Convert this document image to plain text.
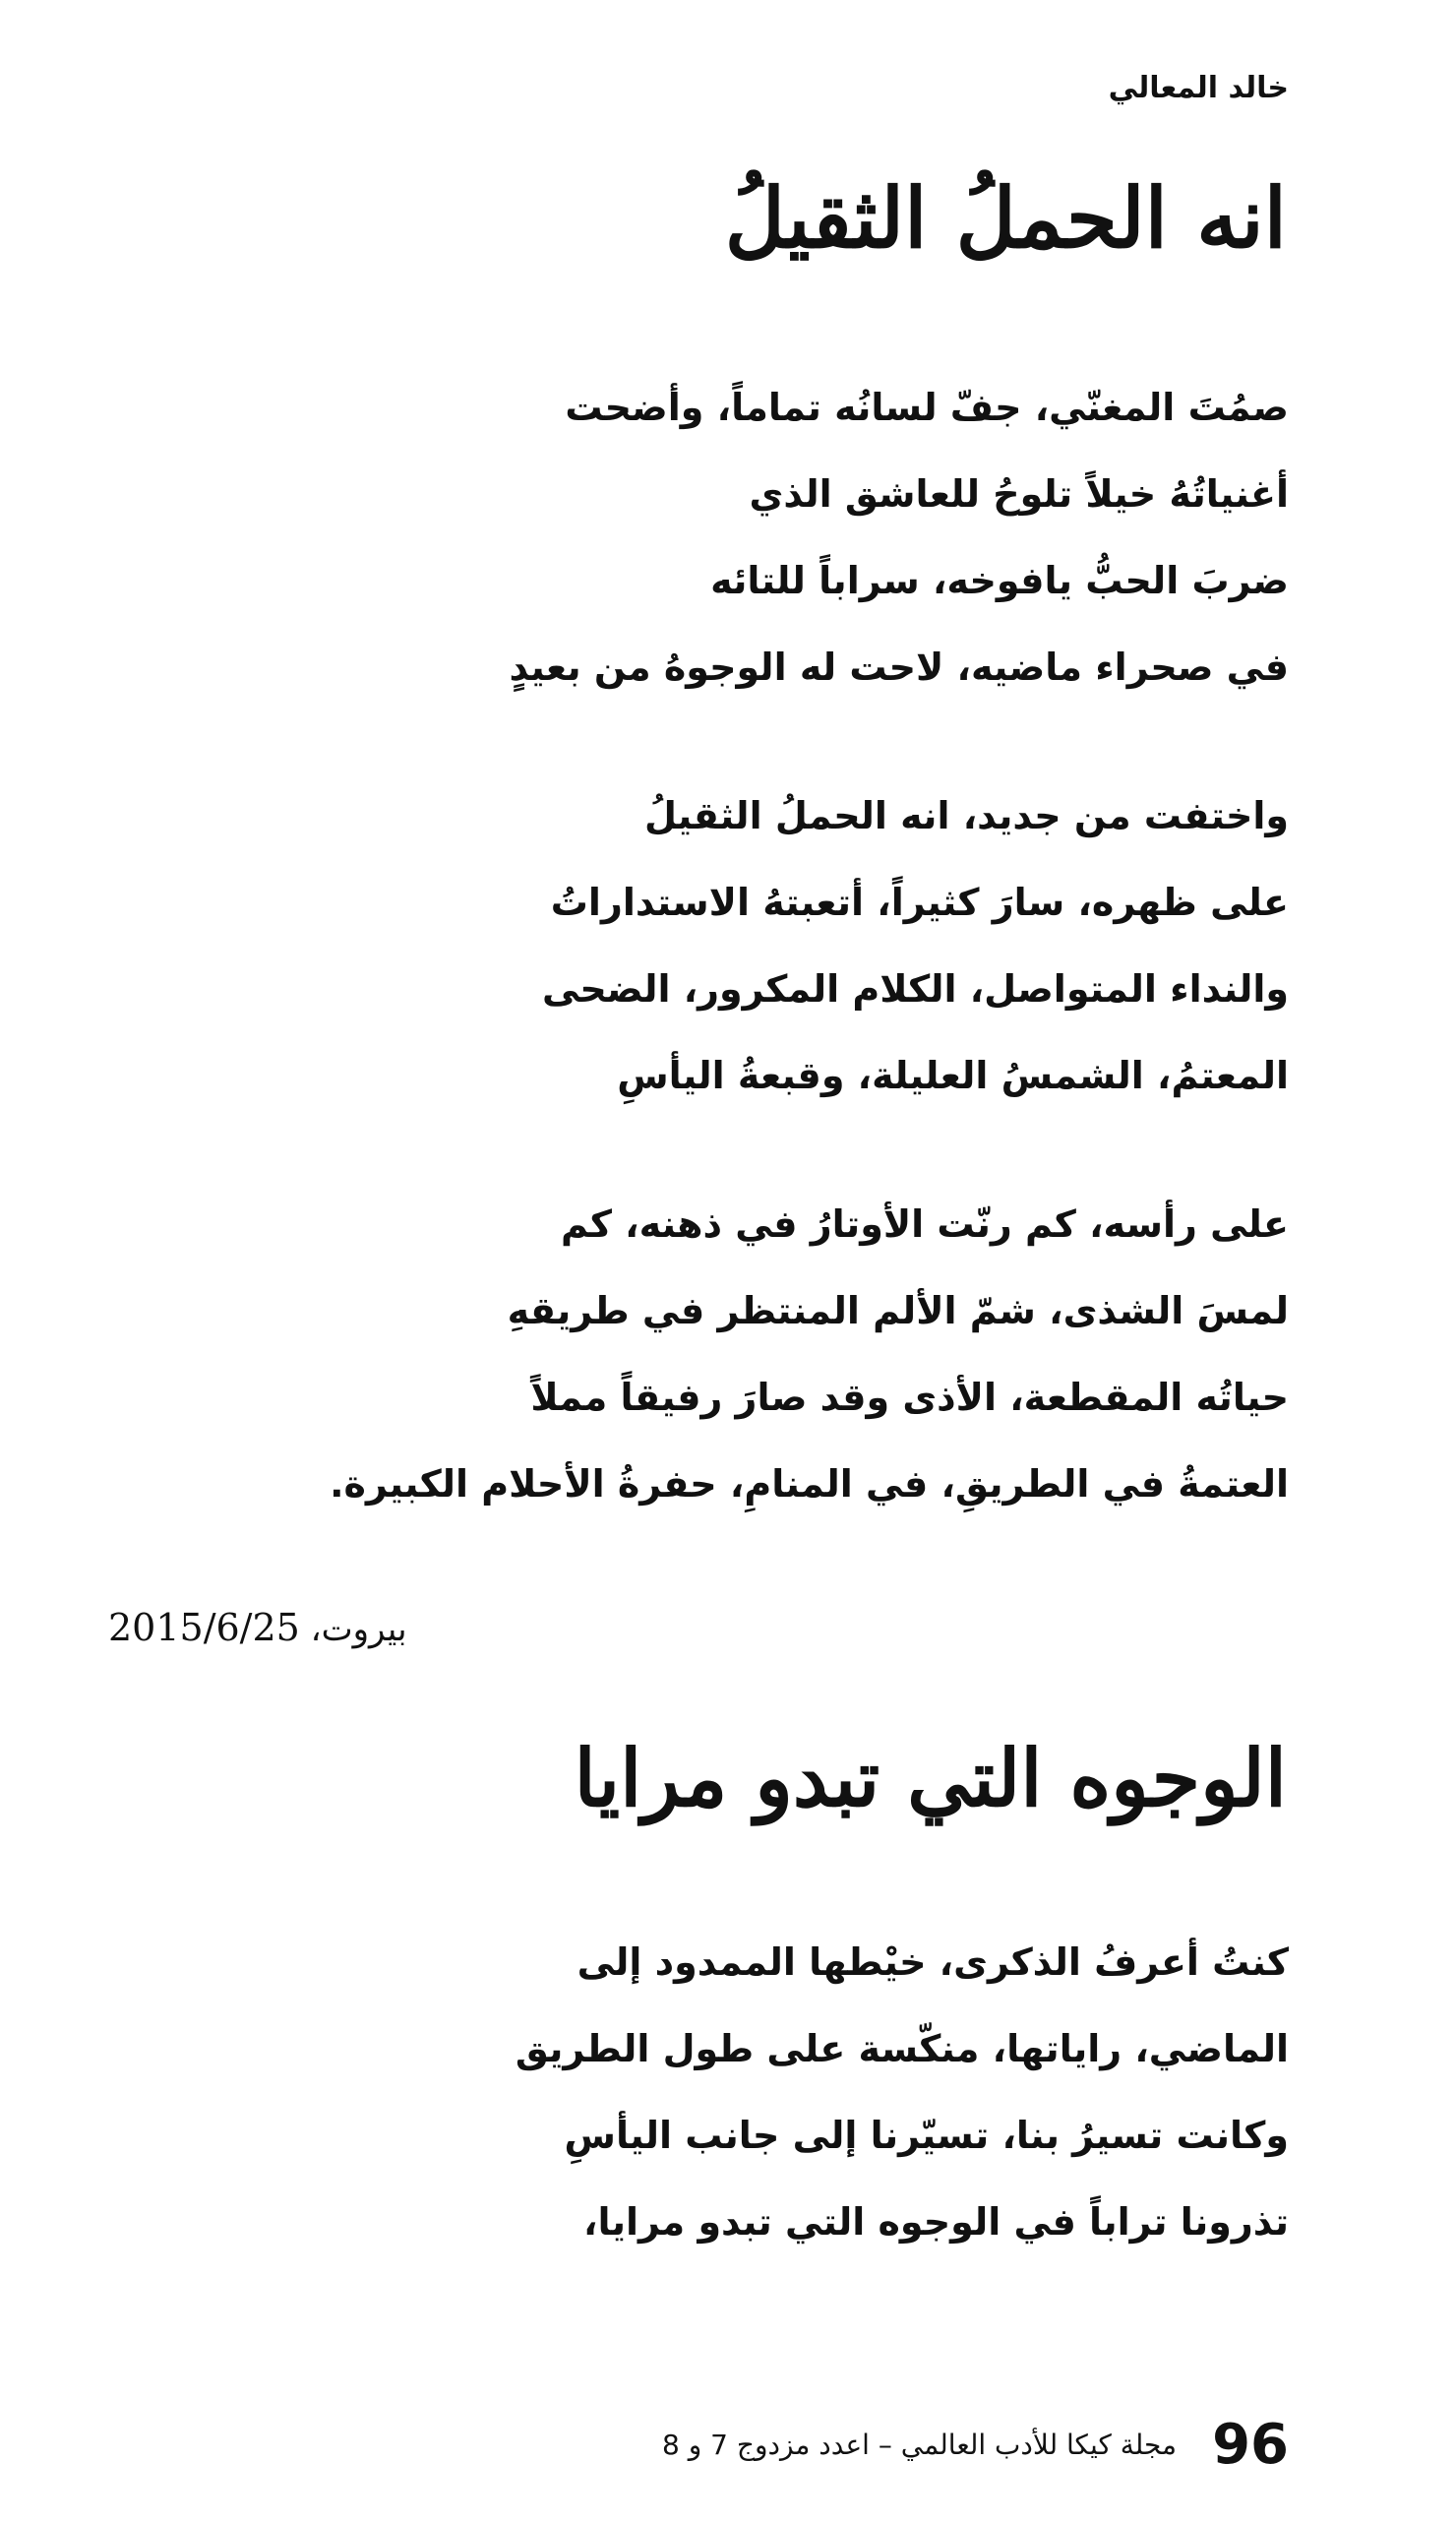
خالد المعالي
انه الحملُ الثقيلُ
صمُتَ المغنّي، جفّ لسانُه تماماً، وأضحت
أغنياتُهُ خيلاً تلوحُ للعاشق الذي
ضربَ الحبُّ يافوخه، سراباً للتائه
في صحراء ماضيه، لاحت له الوجوهُ من بعيدٍ
واختفت من جديد، انه الحملُ الثقيلُ
على ظهره، سارَ كثيراً، أتعبتهُ الاستداراتُ
والنداء المتواصل، الكلام المكرور، الضحى
المعتمُ، الشمسُ العليلة، وقبعةُ اليأسِ
على رأسه، كم رنّت الأوتارُ في ذهنه، كم
لمسَ الشذى، شمّ الألم المنتظر في طريقهِ
حياتُه المقطعة، الأذى وقد صارَ رفيقاً مملاً
العتمةُ في الطريقِ، في المنامِ، حفرةُ الأحلام الكبيرة.
بيروت، 2015/6/25
الوجوه التي تبدو مرايا
كنتُ أعرفُ الذكرى، خيْطها الممدود إلى
الماضي، راياتها، منكّسة على طول الطريق
وكانت تسيرُ بنا، تسيّرنا إلى جانب اليأسِ
تذرونا تراباً في الوجوه التي تبدو مرايا،
96
مجلة كيكا للأدب العالمي – اعدد مزدوج 7 و 8
